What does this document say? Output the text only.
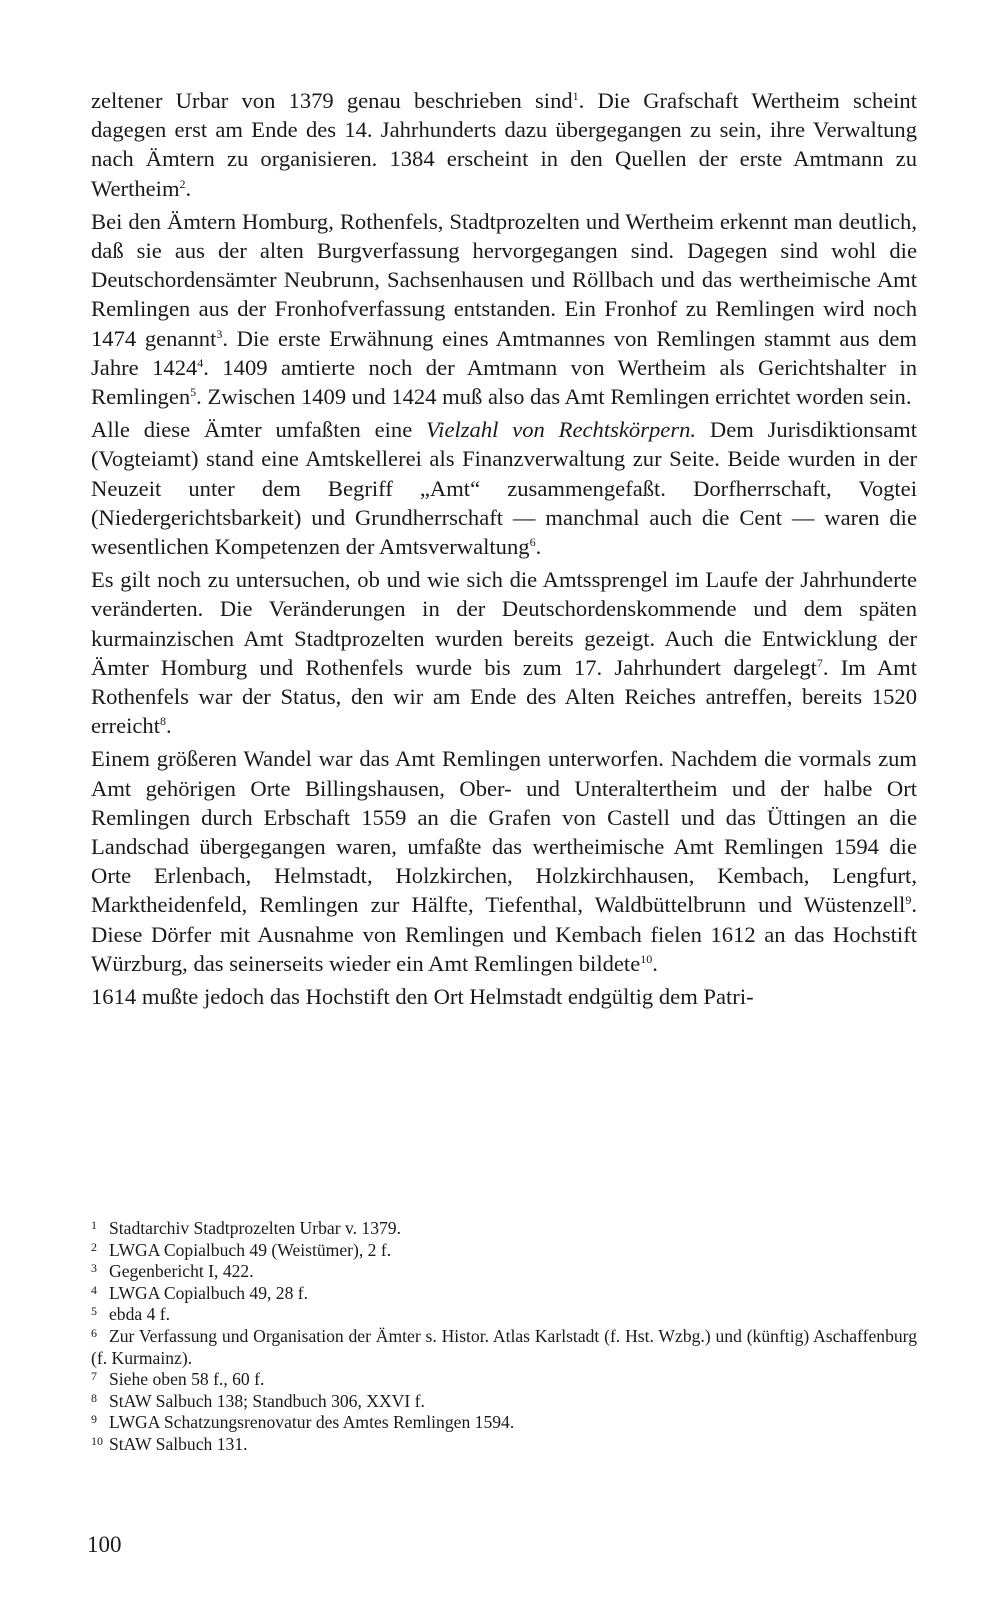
zeltener Urbar von 1379 genau beschrieben sind$^1$. Die Grafschaft Wertheim scheint dagegen erst am Ende des 14. Jahrhunderts dazu übergegangen zu sein, ihre Verwaltung nach Ämtern zu organisieren. 1384 erscheint in den Quellen der erste Amtmann zu Wertheim$^2$.

Bei den Ämtern Homburg, Rothenfels, Stadtprozelten und Wertheim erkennt man deutlich, daß sie aus der alten Burgverfassung hervorgegangen sind. Dagegen sind wohl die Deutschordensämter Neubrunn, Sachsenhausen und Röllbach und das wertheimische Amt Remlingen aus der Fronhofverfassung entstanden. Ein Fronhof zu Remlingen wird noch 1474 genannt$^3$. Die erste Erwähnung eines Amtmannes von Remlingen stammt aus dem Jahre 1424$^4$. 1409 amtierte noch der Amtmann von Wertheim als Gerichtshalter in Remlingen$^5$. Zwischen 1409 und 1424 muß also das Amt Remlingen errichtet worden sein.

Alle diese Ämter umfaßten eine Vielzahl von Rechtskörpern. Dem Jurisdiktionsamt (Vogteiamt) stand eine Amtskellerei als Finanzverwaltung zur Seite. Beide wurden in der Neuzeit unter dem Begriff „Amt“ zusammengefaßt. Dorfherrschaft, Vogtei (Niedergerichtsbarkeit) und Grundherrschaft — manchmal auch die Cent — waren die wesentlichen Kompetenzen der Amtsverwaltung$^6$.

Es gilt noch zu untersuchen, ob und wie sich die Amtssprengel im Laufe der Jahrhunderte veränderten. Die Veränderungen in der Deutschordenskommende und dem späten kurmainzischen Amt Stadtprozelten wurden bereits gezeigt. Auch die Entwicklung der Ämter Homburg und Rothenfels wurde bis zum 17. Jahrhundert dargelegt$^7$. Im Amt Rothenfels war der Status, den wir am Ende des Alten Reiches antreffen, bereits 1520 erreicht$^8$.

Einem größeren Wandel war das Amt Remlingen unterworfen. Nachdem die vormals zum Amt gehörigen Orte Billingshausen, Ober- und Unteraltertheim und der halbe Ort Remlingen durch Erbschaft 1559 an die Grafen von Castell und das Üttingen an die Landschad übergegangen waren, umfaßte das wertheimische Amt Remlingen 1594 die Orte Erlenbach, Helmstadt, Holzkirchen, Holzkirchhausen, Kembach, Lengfurt, Marktheidenfeld, Remlingen zur Hälfte, Tiefenthal, Waldbüttelbrunn und Wüstenzell$^9$. Diese Dörfer mit Ausnahme von Remlingen und Kembach fielen 1612 an das Hochstift Würzburg, das seinerseits wieder ein Amt Remlingen bildete$^{10}$.

1614 mußte jedoch das Hochstift den Ort Helmstadt endgültig dem Patri-

1 Stadtarchiv Stadtprozelten Urbar v. 1379.

2 LWGA Copialbuch 49 (Weistümer), 2 f.

3 Gegenbericht I, 422.

4 LWGA Copialbuch 49, 28 f.

5 ebda 4 f.

6 Zur Verfassung und Organisation der Ämter s. Histor. Atlas Karlstadt (f. Hst. Wzbg.) und (künftig) Aschaffenburg (f. Kurmainz).

7 Siehe oben 58 f., 60 f.

8 StAW Salbuch 138; Standbuch 306, XXVI f.

9 LWGA Schatzungsrenovatur des Amtes Remlingen 1594.

10 StAW Salbuch 131.

100
